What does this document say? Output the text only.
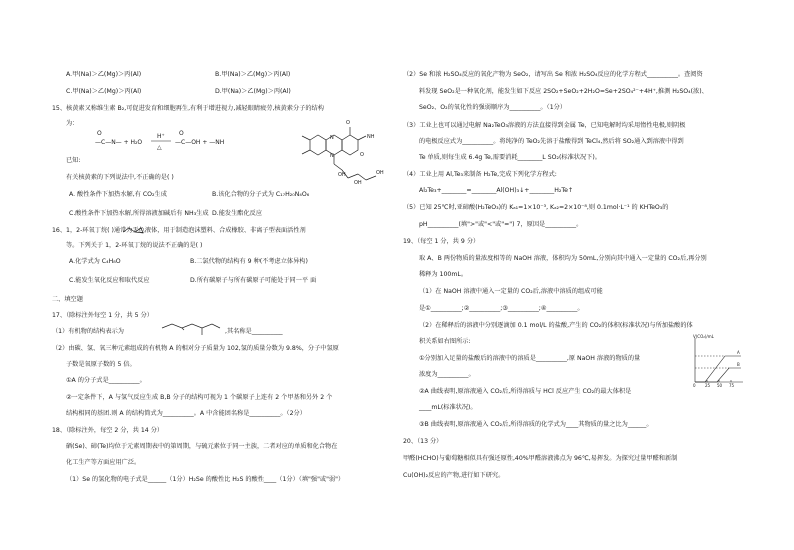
A.甲(Na)＞乙(Mg)＞丙(Al)	B.甲(Na)＞乙(Mg)＞丙(Al)
C.甲(Na)＞乙(Mg)＞丙(Al)	D.甲(Na)＞乙(Mg)＞丙(Al)
15、核黄素又称维生素 B₂,可促进发育和细胞再生,有利于增进视力,减轻眼睛疲劳,核黄素分子的结构
为：
N
N
O
NH
O
OH
OH
OH
O
—C—N— + H₂O
H⁺
△
O
—C—OH + —NH
已知:
有关核黄素的下列说法中,不正确的是( )
A. 酸性条件下加热水解,有 CO₂生成	B.该化合物的分子式为 C₁₇H₂₀N₄O₆
C.酸性条件下加热水解,所得溶液加碱后有 NH₃生成 D.能发生酯化反应
16、1，2-环氧丁烷( )通常为无色液体，用于制造泡沫塑料、合成橡胶、非离子型表面活性剂
等。下列关于 1，2-环氧丁烷的说法不正确的是( )
A.化学式为 C₄H₈O	B.二氯代物的结构有 9 种(不考虑立体异构)
C.能发生氧化反应和取代反应	D.所有碳原子与所有碳原子可能处于同一平 面
二、填空题
17、（除标注外每空 1 分，共 5 分）
（1）有机物的结构表示为	,其名称是__________
（2）由碳、氢、氧三种元素组成的有机物 A 的相对分子质量为 102,氢的质量分数为 9.8%，分子中氢原
子数是氧原子数的 5 倍。
①A 的分子式是__________。
②一定条件下，A 与氢气反应生成 B,B 分子的结构可视为 1 个碳原子上连有 2 个甲基和另外 2 个
结构相同的基团.则 A 的结构简式为__________。A 中含能团名称是__________。（2分）
18、（除标注外，每空 2 分，共 14 分）
硒(Se)、碲(Te)均位于元素周期表中的第周期，与硫元素位于同一主族，二者对应的单质和化合物在
化工生产等方面应用广泛。
（1）Se 的氢化物的电子式是______（1分）H₂Se 的酸性比 H₂S 的酸性____（1分）（填"强"或"弱"）
（2）Se 和浓 H₂SO₄反应的氧化产物为 SeO₂，请写出 Se 和浓 H₂SO₄反应的化学方程式__________。查阅资
料发现 SeO₂是一种氧化剂，能发生如下反应 2SO₂+SeO₂+2H₂O=Se+2SO₄²⁻+4H⁺,推测 H₂SO₄(浓)、
SeO₂、O₂的氧化性的强弱顺序为__________。（1分）
（3）工业上也可以通过电解 Na₂TeO₃溶液的方法直接得到金属 Te，已知电解时均采用惰性电极,则阴极
的电极反应式为__________。将纯净的 TeO₂先溶于盐酸得到 TeCl₄,然后将 SO₂通入到溶液中得到
Te 单质,则每生成 6.4g Te,需要消耗________L SO₂(标准状况下)。
（4）工业上用 Al,Te₃来制备 H₂Te,完成下列化学方程式:
Al₂Te₃+________=________Al(OH)₃↓+________H₂Te↑
（5）已知 25℃时,亚碲酸(H₂TeO₃)的 Kₐ₁=1×10⁻³, Kₐ₂=2×10⁻⁸,则 0.1mol·L⁻¹ 的 KHTeO₃的
pH__________(填">"或"<"或"=") 7，原因是__________。
19、（每空 1 分，共 9 分）
取 A、B 两份物质的量浓度相等的 NaOH 溶液，体积均为 50mL,分别向其中通入一定量的 CO₂后,再分别
稀释为 100mL。
（1）在 NaOH 溶液中通入一定量的 CO₂后,溶液中溶质的组成可能
是①__________;②__________;③__________;④__________。
（2）在稀释后的溶液中分别逐滴加 0.1 mol/L 的盐酸,产生的 CO₂的体积(标准状况)与所加盐酸的体
积关系如右图所示:
①分别加入足量的盐酸后的溶液中的溶质是__________,原 NaOH 溶液的物质的量
浓度为__________。
②A 曲线表明,原溶液通入 CO₂后,所得溶质与 HCl 反应产生 CO₂的最大体积是
____mL(标准状况)。
③B 曲线表明,原溶液通入 CO₂后,所得溶质的化学式为____其物质的量之比为______。
V(CO₂)/mL
0 25 50 75
A
B
20、（13 分）
甲醛(HCHO)与葡萄糖相似具有强还原性,40%甲醛溶液沸点为 96℃,易挥发。为探究过量甲醛和新制
Cu(OH)₂反应的产物,进行如下研究。
